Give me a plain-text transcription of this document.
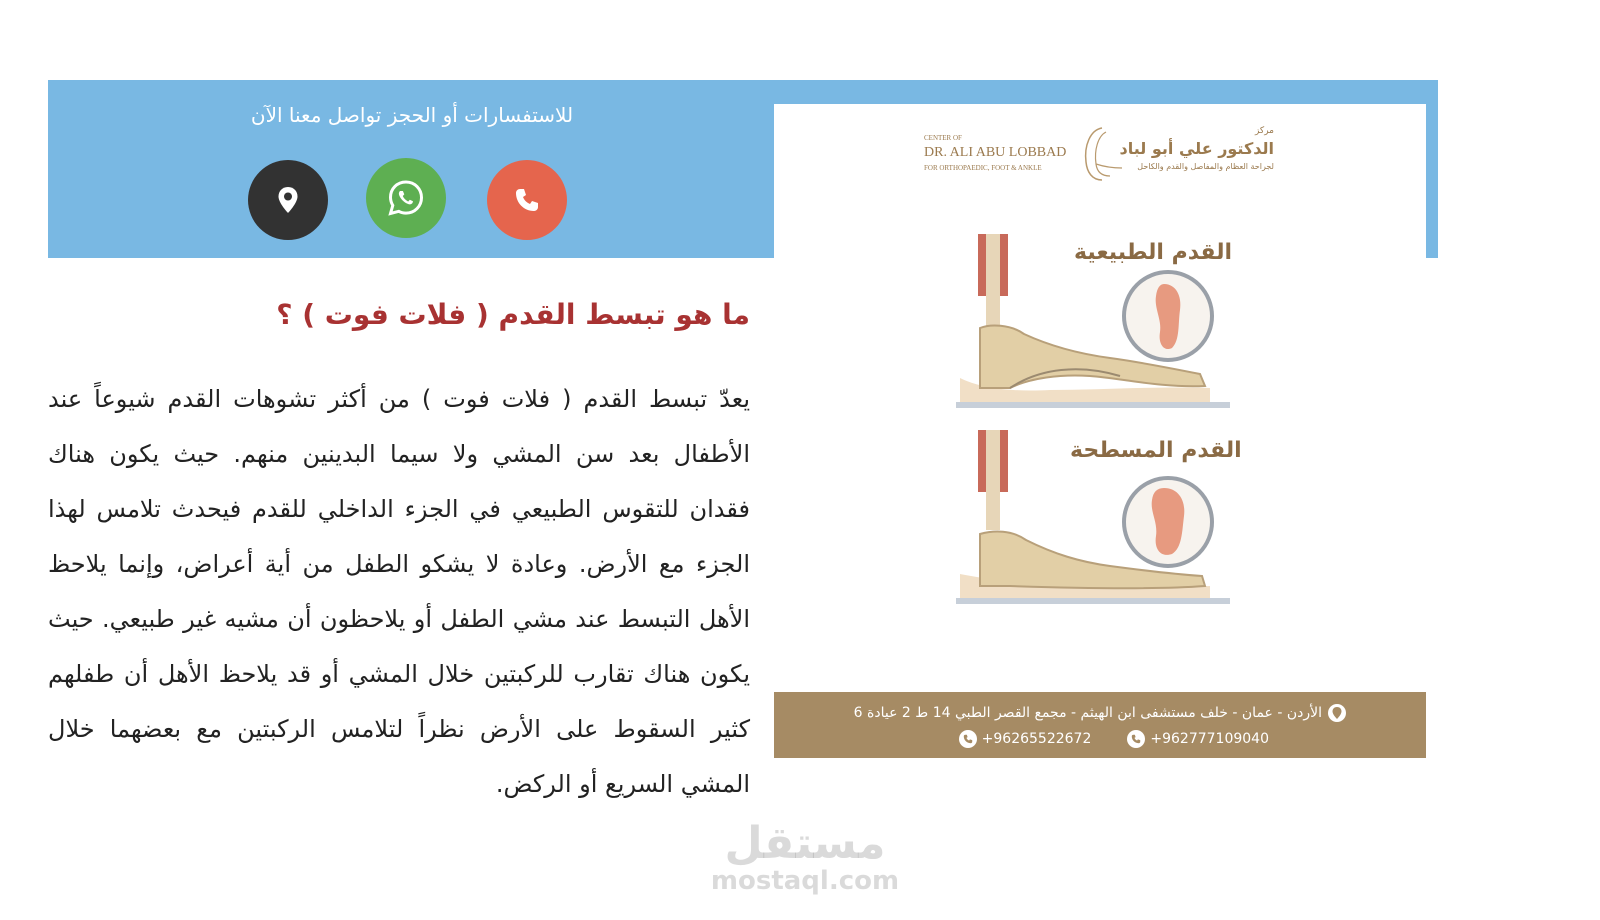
للاستفسارات أو الحجز تواصل معنا الآن
ما هو تبسط القدم ( فلات فوت ) ؟
يعدّ تبسط القدم ( فلات فوت ) من أكثر تشوهات القدم شيوعاً عند الأطفال بعد سن المشي ولا سيما البدينين منهم. حيث يكون هناك فقدان للتقوس الطبيعي في الجزء الداخلي للقدم فيحدث تلامس لهذا الجزء مع الأرض. وعادة لا يشكو الطفل من أية أعراض، وإنما يلاحظ الأهل التبسط عند مشي الطفل أو يلاحظون أن مشيه غير طبيعي. حيث يكون هناك تقارب للركبتين خلال المشي أو قد يلاحظ الأهل أن طفلهم كثير السقوط على الأرض نظراً لتلامس الركبتين مع بعضهما خلال المشي السريع أو الركض.
CENTER OF
DR. ALI ABU LOBBAD
FOR ORTHOPAEDIC, FOOT & ANKLE
مركز
الدكتور علي أبو لباد
لجراحة العظام والمفاصل والقدم والكاحل
القدم الطبيعية
القدم المسطحة
الأردن - عمان - خلف مستشفى ابن الهيثم - مجمع القصر الطبي 14 ط 2 عيادة 6
+96265522672	+962777109040
مستقل
mostaql.com
